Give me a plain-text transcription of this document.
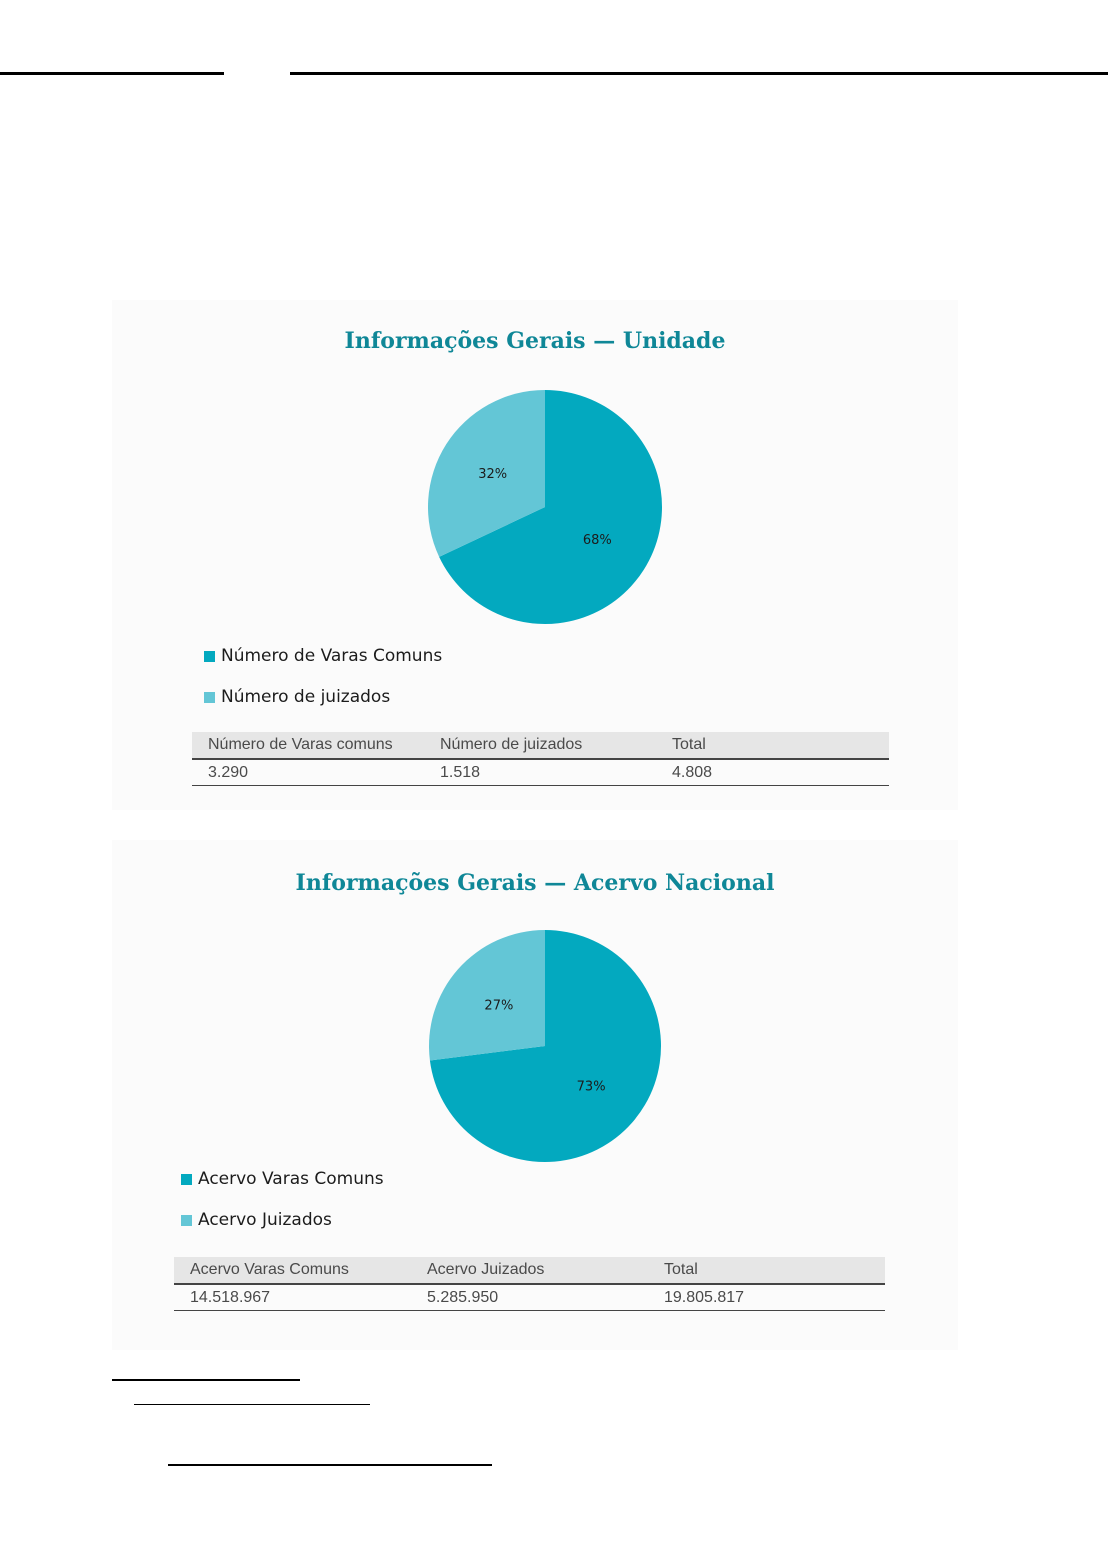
Informações Gerais — Unidade
68%
32%
Número de Varas Comuns
Número de juizados
Número de Varas comuns	Número de juizados	Total
3.290	1.518	4.808
Informações Gerais — Acervo Nacional
73%
27%
Acervo Varas Comuns
Acervo Juizados
Acervo Varas Comuns	Acervo Juizados	Total
14.518.967	5.285.950	19.805.817
